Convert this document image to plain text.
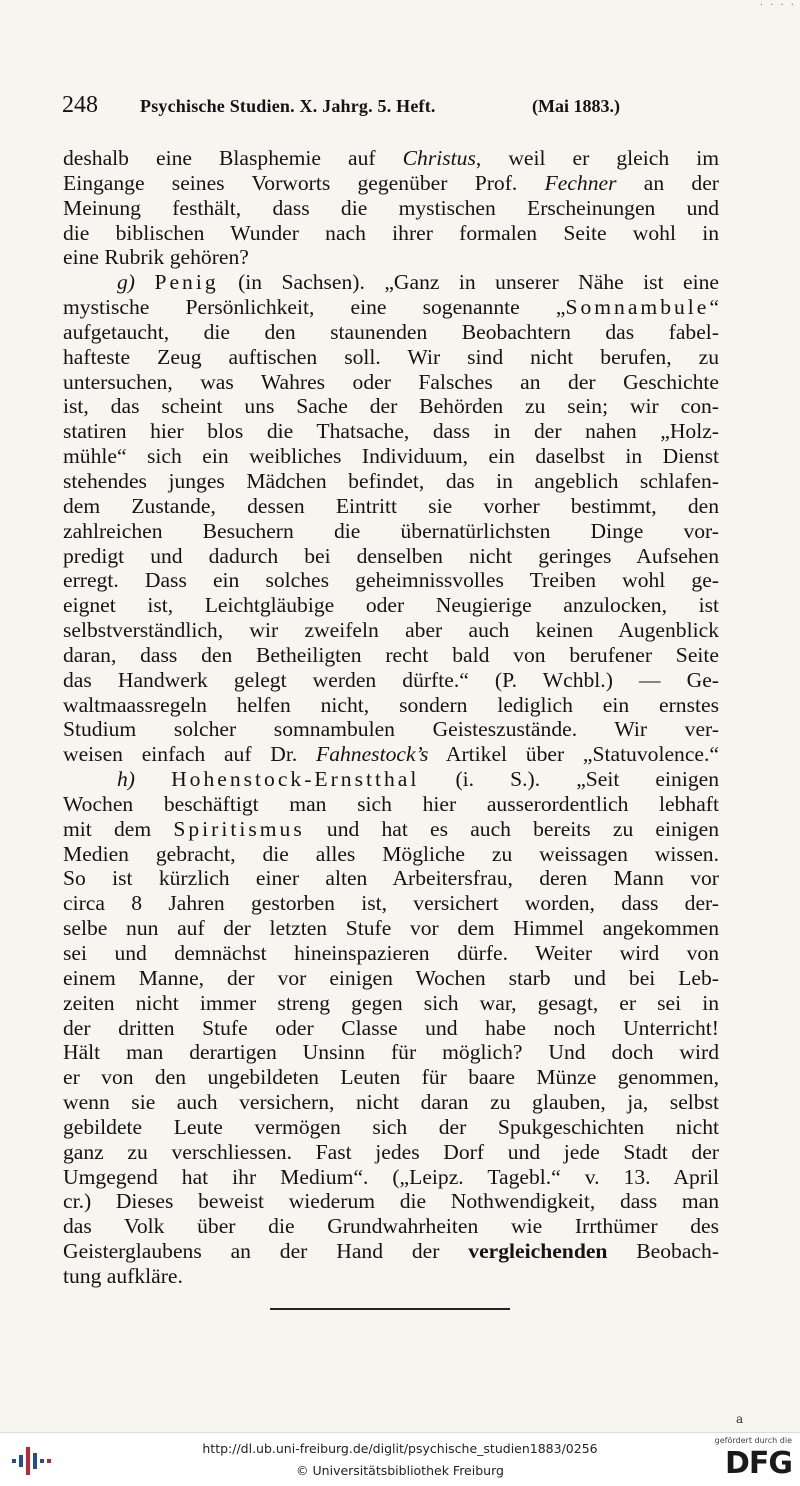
· · · ·
248 Psychische Studien. X. Jahrg. 5. Heft.	(Mai 1883.)
deshalb eine Blasphemie auf Christus, weil er gleich im
Eingange seines Vorworts gegenüber Prof. Fechner an der
Meinung festhält, dass die mystischen Erscheinungen und
die biblischen Wunder nach ihrer formalen Seite wohl in
eine Rubrik gehören?
g) Penig (in Sachsen). „Ganz in unserer Nähe ist eine
mystische Persönlichkeit, eine sogenannte „Somnambule“
aufgetaucht, die den staunenden Beobachtern das fabel-
hafteste Zeug auftischen soll. Wir sind nicht berufen, zu
untersuchen, was Wahres oder Falsches an der Geschichte
ist, das scheint uns Sache der Behörden zu sein; wir con-
statiren hier blos die Thatsache, dass in der nahen „Holz-
mühle“ sich ein weibliches Individuum, ein daselbst in Dienst
stehendes junges Mädchen befindet, das in angeblich schlafen-
dem Zustande, dessen Eintritt sie vorher bestimmt, den
zahlreichen Besuchern die übernatürlichsten Dinge vor-
predigt und dadurch bei denselben nicht geringes Aufsehen
erregt. Dass ein solches geheimnissvolles Treiben wohl ge-
eignet ist, Leichtgläubige oder Neugierige anzulocken, ist
selbstverständlich, wir zweifeln aber auch keinen Augenblick
daran, dass den Betheiligten recht bald von berufener Seite
das Handwerk gelegt werden dürfte.“ (P. Wchbl.) — Ge-
waltmaassregeln helfen nicht, sondern lediglich ein ernstes
Studium solcher somnambulen Geisteszustände. Wir ver-
weisen einfach auf Dr. Fahnestock’s Artikel über „Statuvolence.“
h) Hohenstock-Ernstthal (i. S.). „Seit einigen
Wochen beschäftigt man sich hier ausserordentlich lebhaft
mit dem Spiritismus und hat es auch bereits zu einigen
Medien gebracht, die alles Mögliche zu weissagen wissen.
So ist kürzlich einer alten Arbeitersfrau, deren Mann vor
circa 8 Jahren gestorben ist, versichert worden, dass der-
selbe nun auf der letzten Stufe vor dem Himmel angekommen
sei und demnächst hineinspazieren dürfe. Weiter wird von
einem Manne, der vor einigen Wochen starb und bei Leb-
zeiten nicht immer streng gegen sich war, gesagt, er sei in
der dritten Stufe oder Classe und habe noch Unterricht!
Hält man derartigen Unsinn für möglich? Und doch wird
er von den ungebildeten Leuten für baare Münze genommen,
wenn sie auch versichern, nicht daran zu glauben, ja, selbst
gebildete Leute vermögen sich der Spukgeschichten nicht
ganz zu verschliessen. Fast jedes Dorf und jede Stadt der
Umgegend hat ihr Medium“. („Leipz. Tagebl.“ v. 13. April
cr.) Dieses beweist wiederum die Nothwendigkeit, dass man
das Volk über die Grundwahrheiten wie Irrthümer des
Geisterglaubens an der Hand der vergleichenden Beobach-
tung aufkläre.
a
http://dl.ub.uni-freiburg.de/diglit/psychische_studien1883/0256
© Universitätsbibliothek Freiburg
gefördert durch die
DFG
